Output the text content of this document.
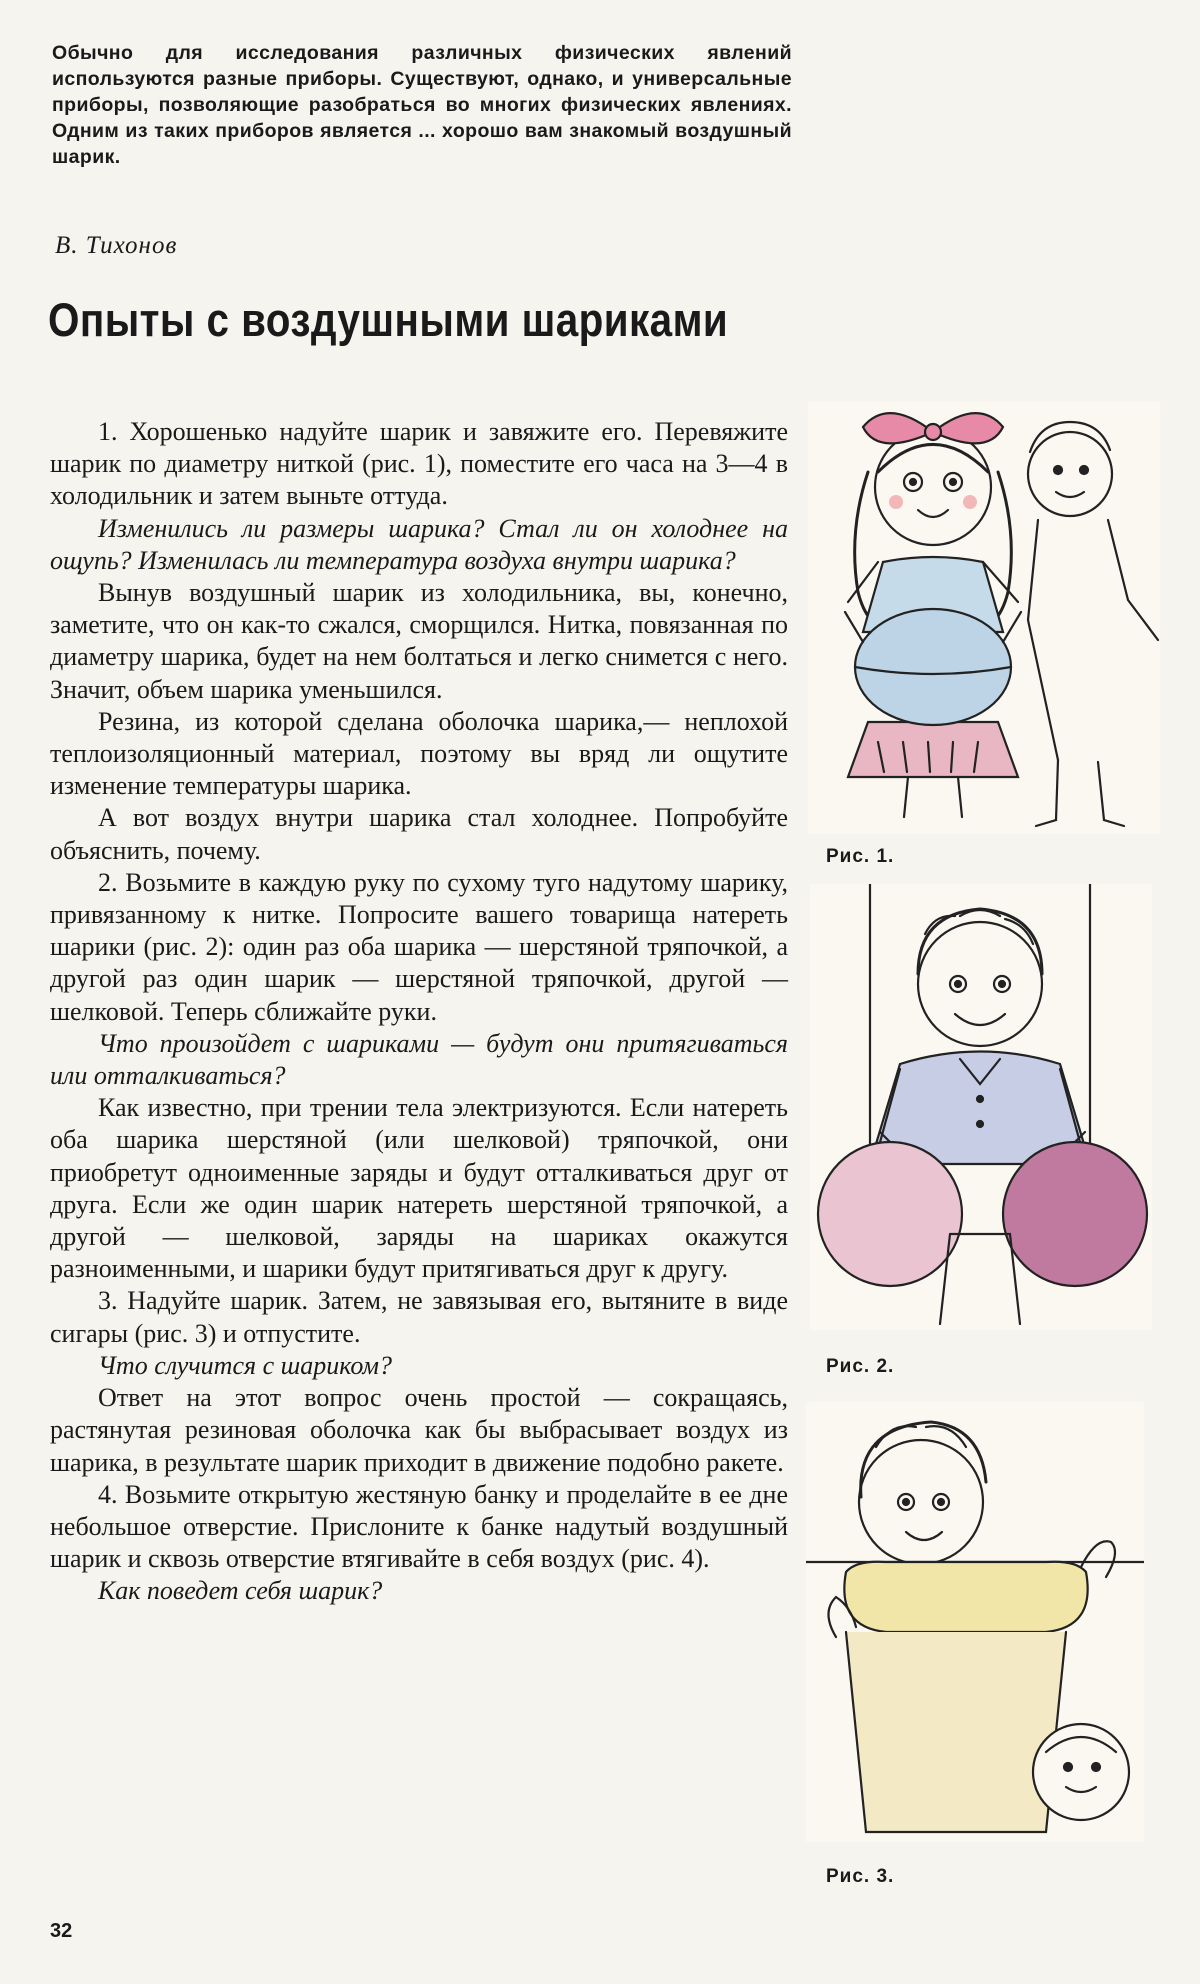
Обычно для исследования различных физических явлений используются разные приборы. Существуют, однако, и универсальные приборы, позволяющие разобраться во многих физических явлениях. Одним из таких приборов является ... хорошо вам знакомый воздушный шарик.

В. Тихонов
Опыты с воздушными шариками

1. Хорошенько надуйте шарик и завяжите его. Перевяжите шарик по диаметру ниткой (рис. 1), поместите его часа на 3—4 в холодильник и затем выньте оттуда.

Изменились ли размеры шарика? Стал ли он холоднее на ощупь? Изменилась ли температура воздуха внутри шарика?

Вынув воздушный шарик из холодильника, вы, конечно, заметите, что он как-то сжался, сморщился. Нитка, повязанная по диаметру шарика, будет на нем болтаться и легко снимется с него. Значит, объем шарика уменьшился.

Резина, из которой сделана оболочка шарика,— неплохой теплоизоляционный материал, поэтому вы вряд ли ощутите изменение температуры шарика.

А вот воздух внутри шарика стал холоднее. Попробуйте объяснить, почему.

2. Возьмите в каждую руку по сухому туго надутому шарику, привязанному к нитке. Попросите вашего товарища натереть шарики (рис. 2): один раз оба шарика — шерстяной тряпочкой, а другой раз один шарик — шерстяной тряпочкой, другой — шелковой. Теперь сближайте руки.

Что произойдет с шариками — будут они притягиваться или отталкиваться?

Как известно, при трении тела электризуются. Если натереть оба шарика шерстяной (или шелковой) тряпочкой, они приобретут одноименные заряды и будут отталкиваться друг от друга. Если же один шарик натереть шерстяной тряпочкой, а другой — шелковой, заряды на шариках окажутся разноименными, и шарики будут притягиваться друг к другу.

3. Надуйте шарик. Затем, не завязывая его, вытяните в виде сигары (рис. 3) и отпустите.

Что случится с шариком?

Ответ на этот вопрос очень простой — сокращаясь, растянутая резиновая оболочка как бы выбрасывает воздух из шарика, в результате шарик приходит в движение подобно ракете.

4. Возьмите открытую жестяную банку и проделайте в ее дне небольшое отверстие. Прислоните к банке надутый воздушный шарик и сквозь отверстие втягивайте в себя воздух (рис. 4).

Как поведет себя шарик?

Рис. 1.
Рис. 2.
Рис. 3.
32
